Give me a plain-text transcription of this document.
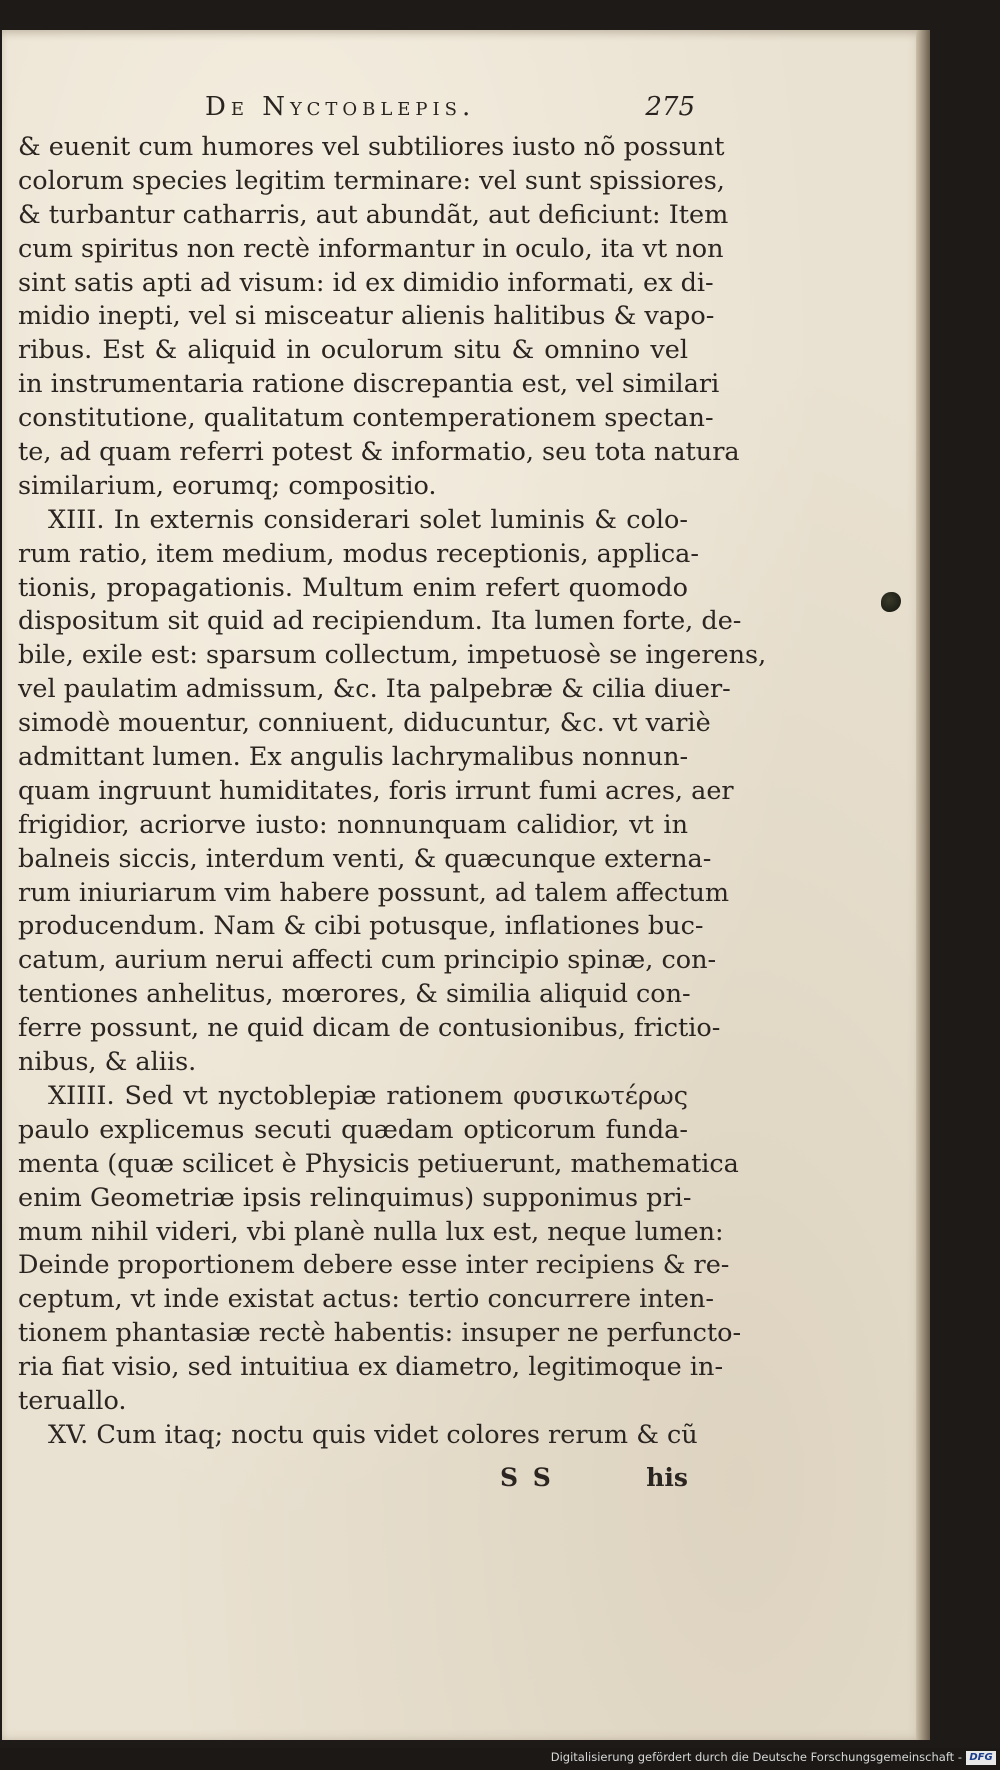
De Nyctoblepis.	275
& euenit cum humores vel subtiliores iusto nõ possunt
colorum species legitim terminare: vel sunt spissiores,
& turbantur catharris, aut abundãt, aut deficiunt: Item
cum spiritus non rectè informantur in oculo, ita vt non
sint satis apti ad visum: id ex dimidio informati, ex di-
midio inepti, vel si misceatur alienis halitibus & vapo-
ribus. Est & aliquid in oculorum situ & omnino vel
in instrumentaria ratione discrepantia est, vel similari
constitutione, qualitatum contemperationem spectan-
te, ad quam referri potest & informatio, seu tota natura
similarium, eorumq; compositio.
XIII. In externis considerari solet luminis & colo-
rum ratio, item medium, modus receptionis, applica-
tionis, propagationis. Multum enim refert quomodo
dispositum sit quid ad recipiendum. Ita lumen forte, de-
bile, exile est: sparsum collectum, impetuosè se ingerens,
vel paulatim admissum, &c. Ita palpebræ & cilia diuer-
simodè mouentur, conniuent, diducuntur, &c. vt variè
admittant lumen. Ex angulis lachrymalibus nonnun-
quam ingruunt humiditates, foris irrunt fumi acres, aer
frigidior, acriorve iusto: nonnunquam calidior, vt in
balneis siccis, interdum venti, & quæcunque externa-
rum iniuriarum vim habere possunt, ad talem affectum
producendum. Nam & cibi potusque, inflationes buc-
catum, aurium nerui affecti cum principio spinæ, con-
tentiones anhelitus, mœrores, & similia aliquid con-
ferre possunt, ne quid dicam de contusionibus, frictio-
nibus, & aliis.
XIIII. Sed vt nyctoblepiæ rationem φυσικωτέρως
paulo explicemus secuti quædam opticorum funda-
menta (quæ scilicet è Physicis petiuerunt, mathematica
enim Geometriæ ipsis relinquimus) supponimus pri-
mum nihil videri, vbi planè nulla lux est, neque lumen:
Deinde proportionem debere esse inter recipiens & re-
ceptum, vt inde existat actus: tertio concurrere inten-
tionem phantasiæ rectè habentis: insuper ne perfuncto-
ria fiat visio, sed intuitiua ex diametro, legitimoque in-
teruallo.
XV. Cum itaq; noctu quis videt colores rerum & cũ
S S	his
Digitalisierung gefördert durch die Deutsche Forschungsgemeinschaft - DFG
